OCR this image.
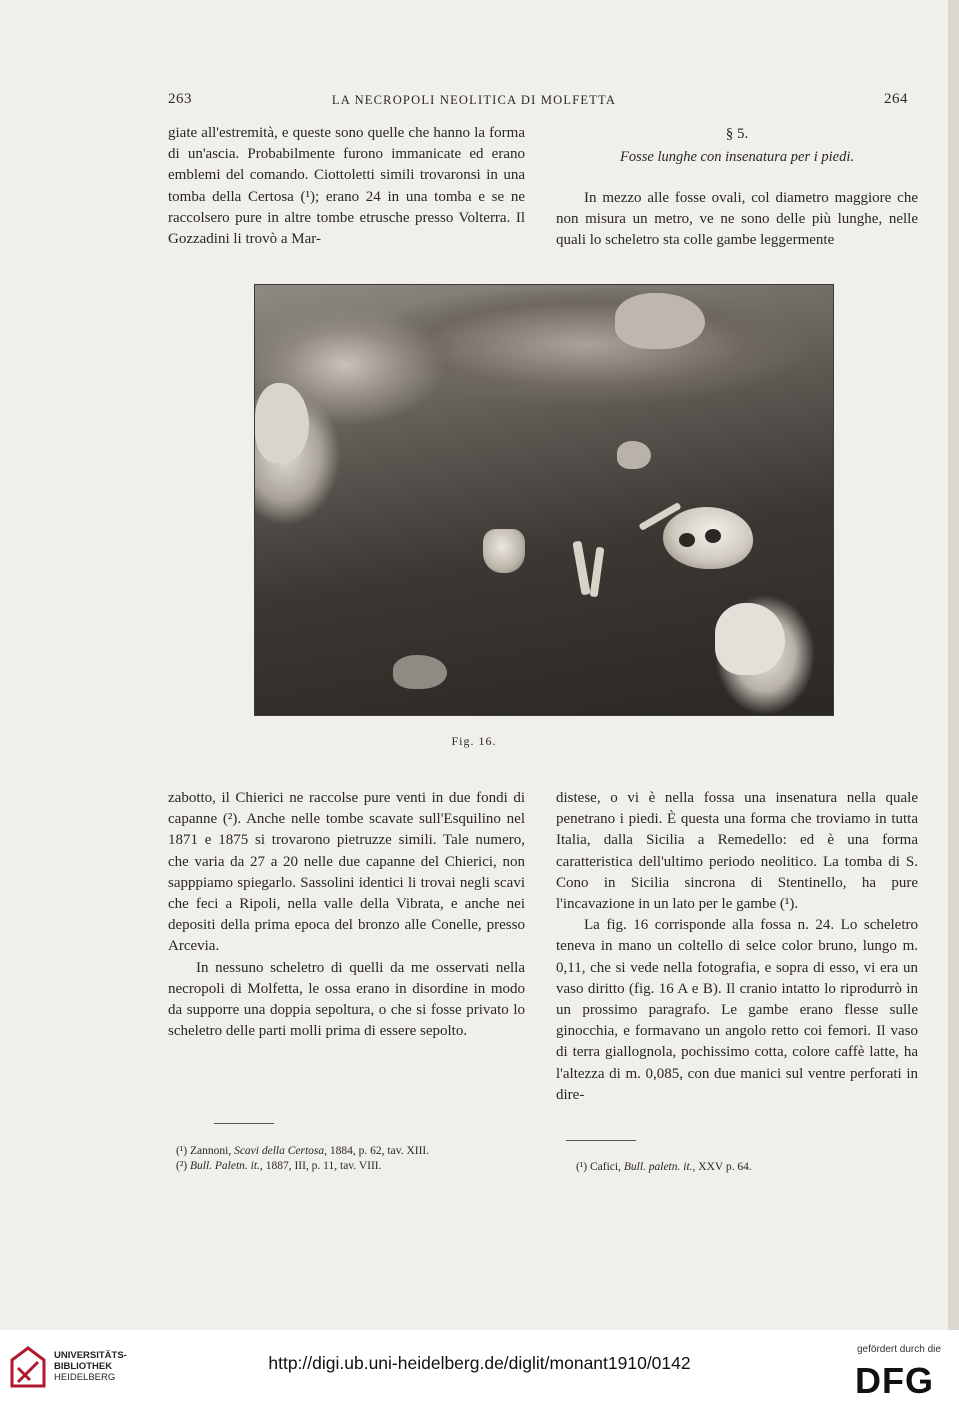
263	LA NECROPOLI NEOLITICA DI MOLFETTA	264

giate all'estremità, e queste sono quelle che hanno la forma di un'ascia. Probabilmente furono immanicate ed erano emblemi del comando. Ciottoletti simili trovaronsi in una tomba della Certosa (¹); erano 24 in una tomba e se ne raccolsero pure in altre tombe etrusche presso Volterra. Il Gozzadini li trovò a Mar-

§ 5.
Fosse lunghe con insenatura per i piedi.

In mezzo alle fosse ovali, col diametro maggiore che non misura un metro, ve ne sono delle più lunghe, nelle quali lo scheletro sta colle gambe leggermente

Fig. 16.

zabotto, il Chierici ne raccolse pure venti in due fondi di capanne (²). Anche nelle tombe scavate sull'Esquilino nel 1871 e 1875 si trovarono pietruzze simili. Tale numero, che varia da 27 a 20 nelle due capanne del Chierici, non sapppiamo spiegarlo. Sassolini identici li trovai negli scavi che feci a Ripoli, nella valle della Vibrata, e anche nei depositi della prima epoca del bronzo alle Conelle, presso Arcevia.

In nessuno scheletro di quelli da me osservati nella necropoli di Molfetta, le ossa erano in disordine in modo da supporre una doppia sepoltura, o che si fosse privato lo scheletro delle parti molli prima di essere sepolto.

distese, o vi è nella fossa una insenatura nella quale penetrano i piedi. È questa una forma che troviamo in tutta Italia, dalla Sicilia a Remedello: ed è una forma caratteristica dell'ultimo periodo neolitico. La tomba di S. Cono in Sicilia sincrona di Stentinello, ha pure l'incavazione in un lato per le gambe (¹).

La fig. 16 corrisponde alla fossa n. 24. Lo scheletro teneva in mano un coltello di selce color bruno, lungo m. 0,11, che si vede nella fotografia, e sopra di esso, vi era un vaso diritto (fig. 16 A e B). Il cranio intatto lo riprodurrò in un prossimo paragrafo. Le gambe erano flesse sulle ginocchia, e formavano un angolo retto coi femori. Il vaso di terra giallognola, pochissimo cotta, colore caffè latte, ha l'altezza di m. 0,085, con due manici sul ventre perforati in dire-

(¹) Zannoni, Scavi della Certosa, 1884, p. 62, tav. XIII.
(²) Bull. Paletn. it., 1887, III, p. 11, tav. VIII.	(¹) Cafici, Bull. paletn. it., XXV p. 64.
UNIVERSITÄTS-
BIBLIOTHEK
HEIDELBERG
http://digi.ub.uni-heidelberg.de/diglit/monant1910/0142
gefördert durch die
DFG
